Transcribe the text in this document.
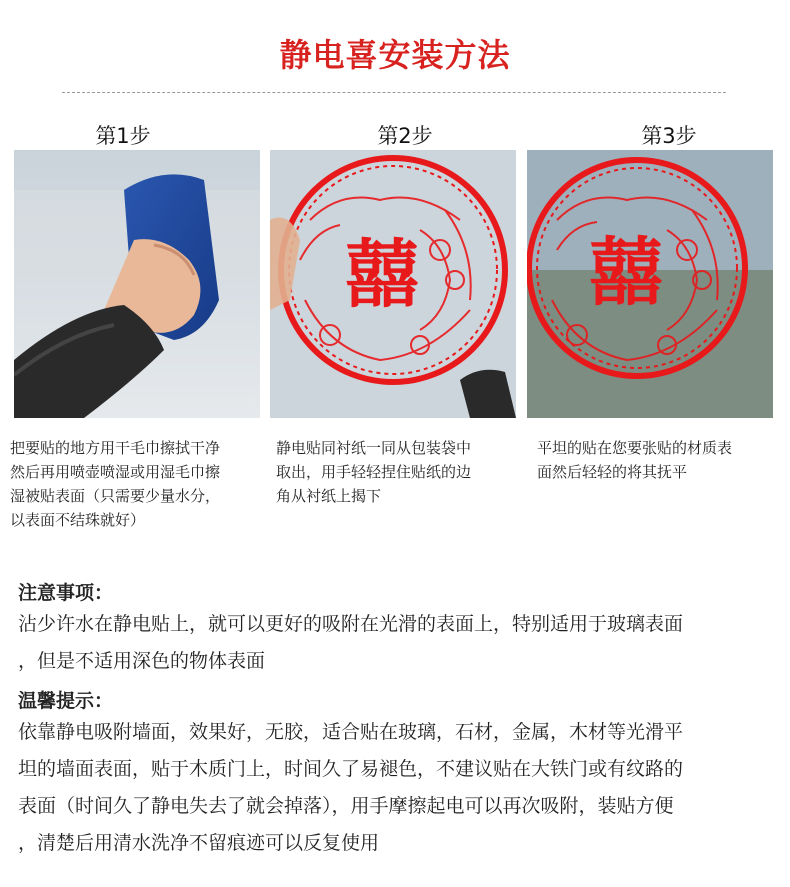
静电喜安装方法
第1步	第2步	第3步
囍 囍
把要贴的地方用干毛巾擦拭干净
然后再用喷壶喷湿或用湿毛巾擦
湿被贴表面（只需要少量水分，
以表面不结珠就好）
静电贴同衬纸一同从包装袋中
取出，用手轻轻捏住贴纸的边
角从衬纸上揭下
平坦的贴在您要张贴的材质表
面然后轻轻的将其抚平
注意事项：
沾少许水在静电贴上，就可以更好的吸附在光滑的表面上，特别适用于玻璃表面
，但是不适用深色的物体表面
温馨提示：
依靠静电吸附墙面，效果好，无胶，适合贴在玻璃，石材，金属，木材等光滑平
坦的墙面表面，贴于木质门上，时间久了易褪色，不建议贴在大铁门或有纹路的
表面（时间久了静电失去了就会掉落），用手摩擦起电可以再次吸附，装贴方便
，清楚后用清水洗净不留痕迹可以反复使用
